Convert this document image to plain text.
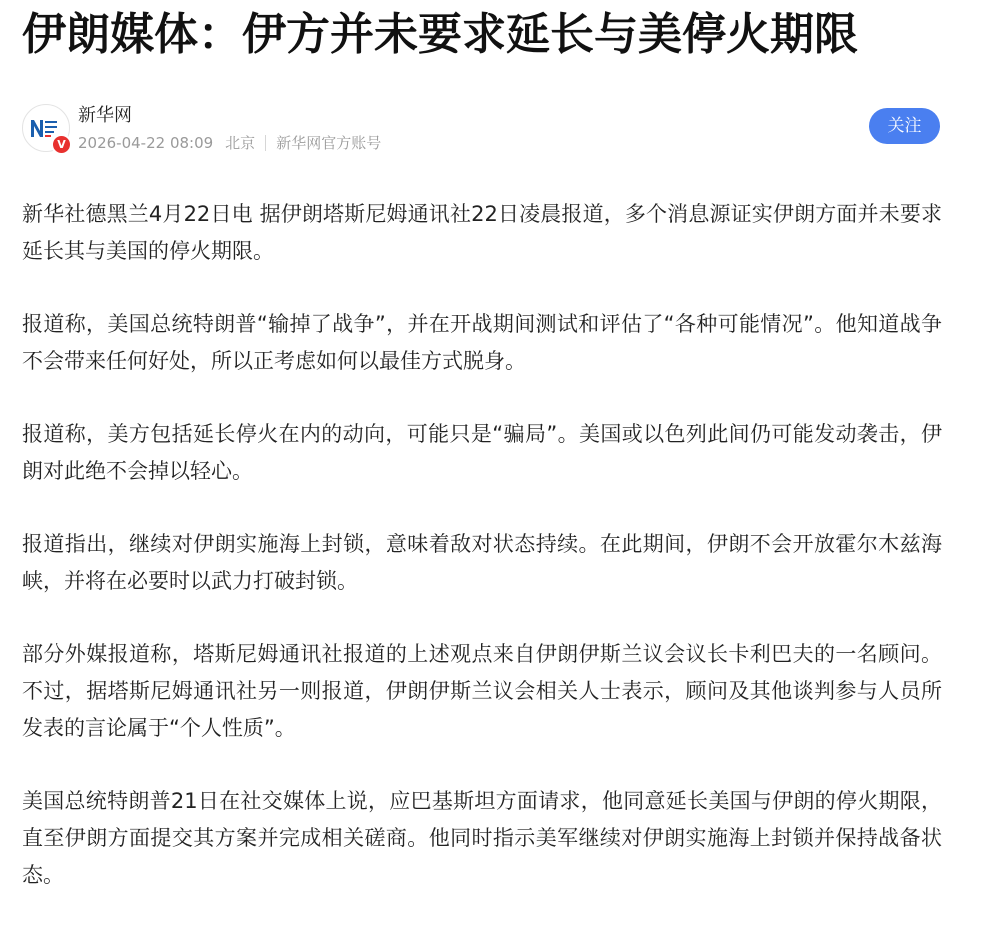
伊朗媒体：伊方并未要求延长与美停火期限
V
新华网
2026-04-22 08:09 北京 新华网官方账号
关注

新华社德黑兰4月22日电 据伊朗塔斯尼姆通讯社22日凌晨报道，多个消息源证实伊朗方面并未要求延长其与美国的停火期限。

报道称，美国总统特朗普“输掉了战争”，并在开战期间测试和评估了“各种可能情况”。他知道战争不会带来任何好处，所以正考虑如何以最佳方式脱身。

报道称，美方包括延长停火在内的动向，可能只是“骗局”。美国或以色列此间仍可能发动袭击，伊朗对此绝不会掉以轻心。

报道指出，继续对伊朗实施海上封锁，意味着敌对状态持续。在此期间，伊朗不会开放霍尔木兹海峡，并将在必要时以武力打破封锁。

部分外媒报道称，塔斯尼姆通讯社报道的上述观点来自伊朗伊斯兰议会议长卡利巴夫的一名顾问。不过，据塔斯尼姆通讯社另一则报道，伊朗伊斯兰议会相关人士表示，顾问及其他谈判参与人员所发表的言论属于“个人性质”。

美国总统特朗普21日在社交媒体上说，应巴基斯坦方面请求，他同意延长美国与伊朗的停火期限，直至伊朗方面提交其方案并完成相关磋商。他同时指示美军继续对伊朗实施海上封锁并保持战备状态。
